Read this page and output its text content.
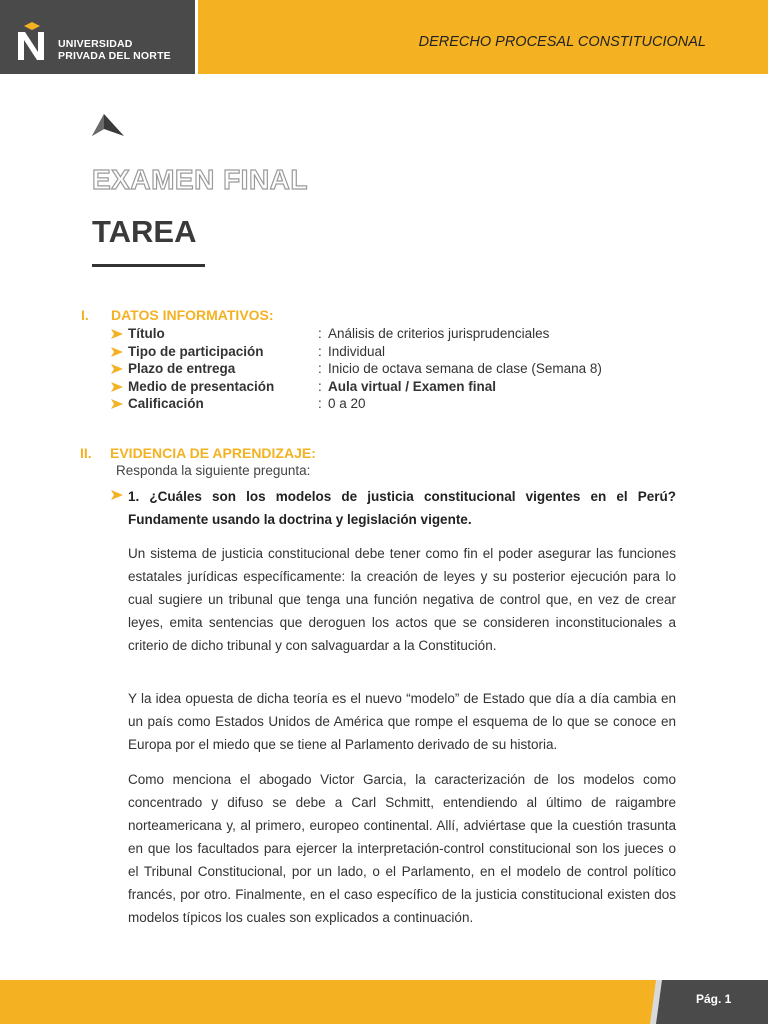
UNIVERSIDAD
PRIVADA DEL NORTE
DERECHO PROCESAL CONSTITUCIONAL
EXAMEN FINAL
TAREA
I. DATOS INFORMATIVOS:
Título	: Análisis de criterios jurisprudenciales
Tipo de participación	: Individual
Plazo de entrega	: Inicio de octava semana de clase (Semana 8)
Medio de presentación	: Aula virtual / Examen final
Calificación	: 0 a 20
II. EVIDENCIA DE APRENDIZAJE:
Responda la siguiente pregunta:
1. ¿Cuáles son los modelos de justicia constitucional vigentes en el Perú? Fundamente usando la doctrina y legislación vigente.

Un sistema de justicia constitucional debe tener como fin el poder asegurar las funciones estatales jurídicas específicamente: la creación de leyes y su posterior ejecución para lo cual sugiere un tribunal que tenga una función negativa de control que, en vez de crear leyes, emita sentencias que deroguen los actos que se consideren inconstitucionales a criterio de dicho tribunal y con salvaguardar a la Constitución.

Y la idea opuesta de dicha teoría es el nuevo “modelo” de Estado que día a día cambia en un país como Estados Unidos de América que rompe el esquema de lo que se conoce en Europa por el miedo que se tiene al Parlamento derivado de su historia.

Como menciona el abogado Victor Garcia, la caracterización de los modelos como concentrado y difuso se debe a Carl Schmitt, entendiendo al último de raigambre norteamericana y, al primero, europeo continental. Allí, adviértase que la cuestión trasunta en que los facultados para ejercer la interpretación-control constitucional son los jueces o el Tribunal Constitucional, por un lado, o el Parlamento, en el modelo de control político francés, por otro. Finalmente, en el caso específico de la justicia constitucional existen dos modelos típicos los cuales son explicados a continuación.

Pág. 1
